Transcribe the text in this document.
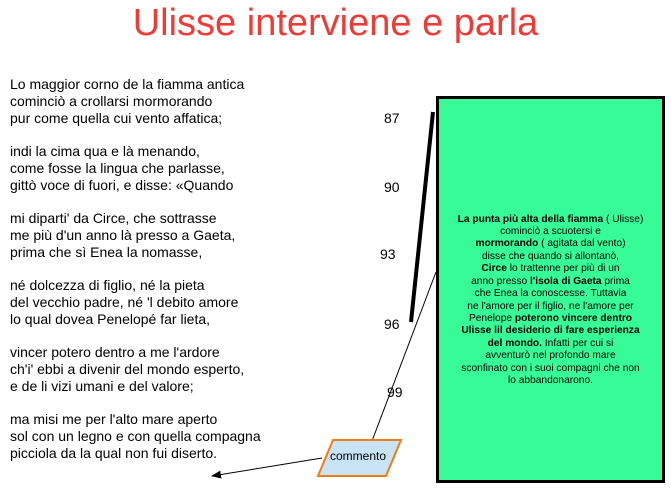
Ulisse interviene e parla
Lo maggior corno de la fiamma antica
cominciò a crollarsi mormorando
pur come quella cui vento affatica;
indi la cima qua e là menando,
come fosse la lingua che parlasse,
gittò voce di fuori, e disse: «Quando
mi diparti' da Circe, che sottrasse
me più d'un anno là presso a Gaeta,
prima che sì Enea la nomasse,
né dolcezza di figlio, né la pieta
del vecchio padre, né 'l debito amore
lo qual dovea Penelopé far lieta,
vincer potero dentro a me l'ardore
ch'i' ebbi a divenir del mondo esperto,
e de li vizi umani e del valore;
ma misi me per l'alto mare aperto
sol con un legno e con quella compagna
picciola da la qual non fui diserto.
87
90
93
96
99
commento
La punta più alta della fiamma ( Ulisse)
cominciò a scuotersi e
mormorando ( agitata dal vento)
disse che quando si allontanò,
Circe lo trattenne per più di un
anno presso l'isola di Gaeta prima
che Enea la conoscesse. Tuttavia
ne l'amore per il figlio, ne l'amore per
Penelope poterono vincere dentro
Ulisse lil desiderio di fare esperienza
del mondo. Infatti per cui si
avventurò nel profondo mare
sconfinato con i suoi compagni che non
lo abbandonarono.
